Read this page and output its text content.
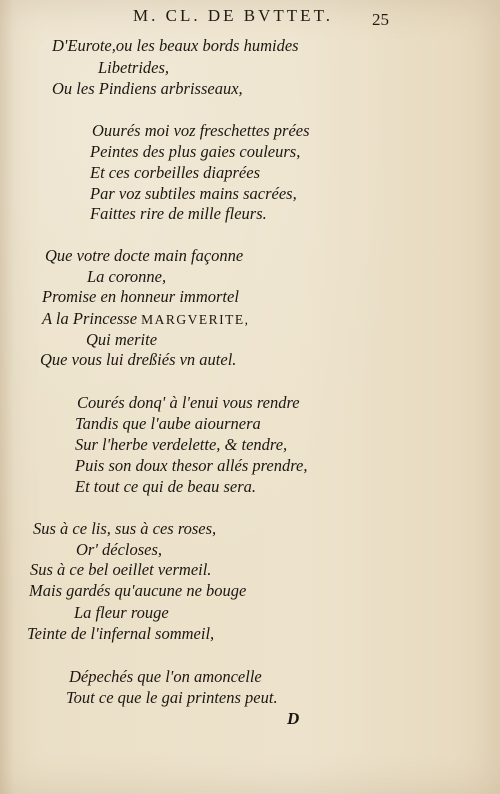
M. CL. DE BVTTET.	25
D'Eurote,ou les beaux bords humides
Libetrides,
Ou les Pindiens arbrisseaux,
Ouurés moi voz freschettes prées
Peintes des plus gaies couleurs,
Et ces corbeilles diaprées
Par voz subtiles mains sacrées,
Faittes rire de mille fleurs.
Que votre docte main façonne
La coronne,
Promise en honneur immortel
A la Princesse MARGVERITE,
Qui merite
Que vous lui dreßiés vn autel.
Courés donq' à l'enui vous rendre
Tandis que l'aube aiournera
Sur l'herbe verdelette, & tendre,
Puis son doux thesor allés prendre,
Et tout ce qui de beau sera.
Sus à ce lis, sus à ces roses,
Or' décloses,
Sus à ce bel oeillet vermeil.
Mais gardés qu'aucune ne bouge
La fleur rouge
Teinte de l'infernal sommeil,
Dépechés que l'on amoncelle
Tout ce que le gai printens peut.
D
